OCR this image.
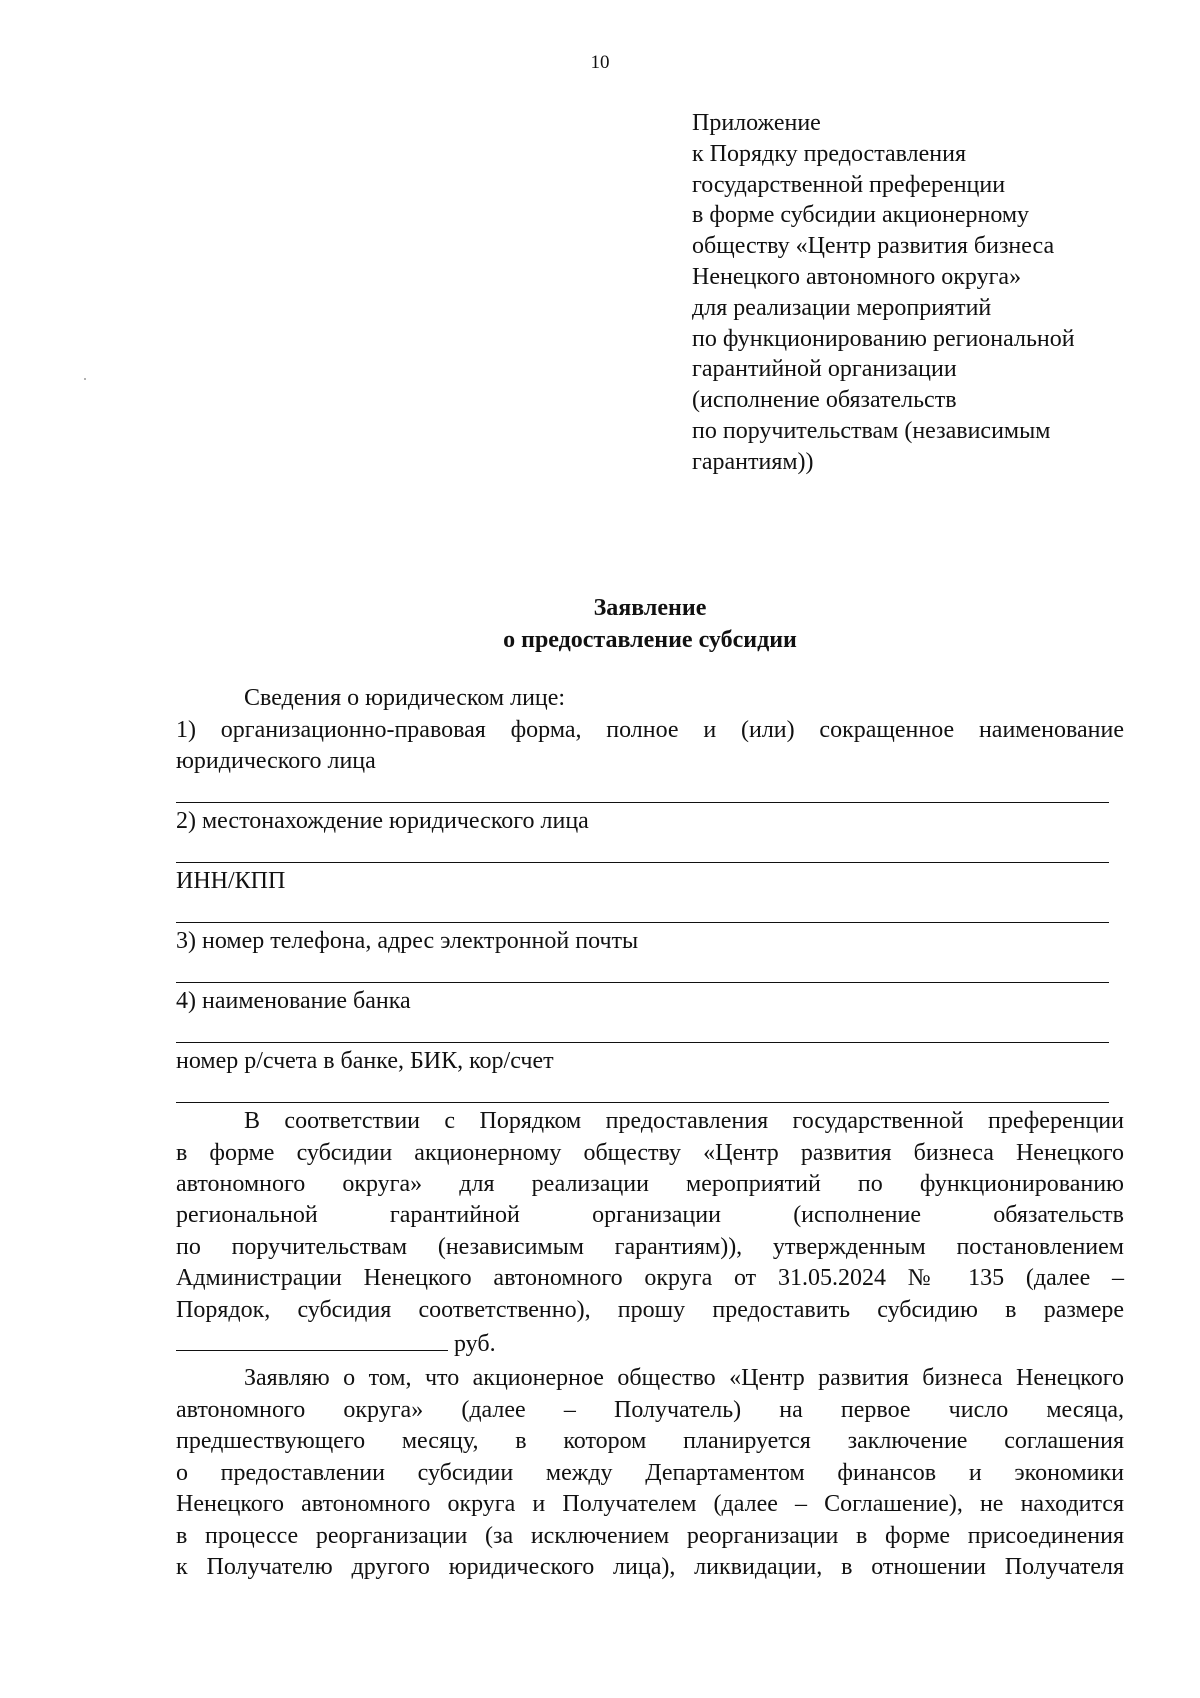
10
Приложение
к Порядку предоставления
государственной преференции
в форме субсидии акционерному
обществу «Центр развития бизнеса
Ненецкого автономного округа»
для реализации мероприятий
по функционированию региональной
гарантийной организации
(исполнение обязательств
по поручительствам (независимым
гарантиям))
Заявление
о предоставление субсидии
Сведения о юридическом лице:
1) организационно-правовая форма, полное и (или) сокращенное наименование
юридического лица
2) местонахождение юридического лица
ИНН/КПП
3) номер телефона, адрес электронной почты
4) наименование банка
номер р/счета в банке, БИК, кор/счет
В соответствии с Порядком предоставления государственной преференции
в форме субсидии акционерному обществу «Центр развития бизнеса Ненецкого
автономного округа» для реализации мероприятий по функционированию
региональной гарантийной организации (исполнение обязательств
по поручительствам (независимым гарантиям)), утвержденным постановлением
Администрации Ненецкого автономного округа от 31.05.2024 № 135 (далее –
Порядок, субсидия соответственно), прошу предоставить субсидию в размере
руб.
Заявляю о том, что акционерное общество «Центр развития бизнеса Ненецкого
автономного округа» (далее – Получатель) на первое число месяца,
предшествующего месяцу, в котором планируется заключение соглашения
о предоставлении субсидии между Департаментом финансов и экономики
Ненецкого автономного округа и Получателем (далее – Соглашение), не находится
в процессе реорганизации (за исключением реорганизации в форме присоединения
к Получателю другого юридического лица), ликвидации, в отношении Получателя
